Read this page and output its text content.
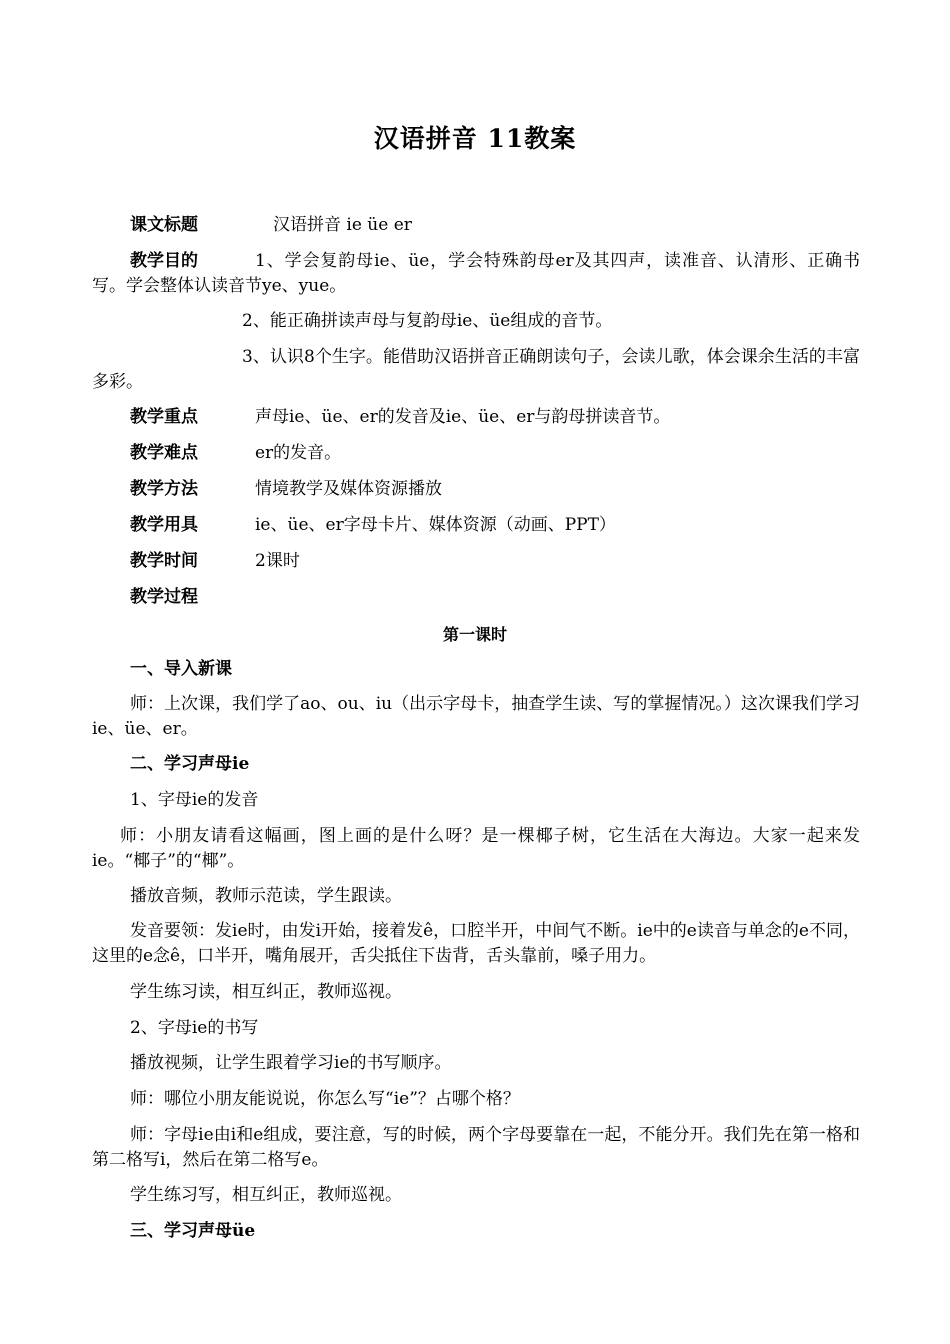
汉语拼音 11教案
课文标题	汉语拼音 ie üe er
教学目的	1、学会复韵母ie、üe，学会特殊韵母er及其四声，读准音、认清形、正确书写。学会整体认读音节ye、yue。
2、能正确拼读声母与复韵母ie、üe组成的音节。
3、认识8个生字。能借助汉语拼音正确朗读句子，会读儿歌，体会课余生活的丰富多彩。
教学重点	声母ie、üe、er的发音及ie、üe、er与韵母拼读音节。
教学难点	er的发音。
教学方法	情境教学及媒体资源播放
教学用具	ie、üe、er字母卡片、媒体资源（动画、PPT）
教学时间	2课时
教学过程
第一课时
一、导入新课
师：上次课，我们学了ao、ou、iu（出示字母卡，抽查学生读、写的掌握情况。）这次课我们学习ie、üe、er。
二、学习声母ie
1、字母ie的发音
师：小朋友请看这幅画，图上画的是什么呀？是一棵椰子树，它生活在大海边。大家一起来发ie。“椰子”的“椰”。
播放音频，教师示范读，学生跟读。
发音要领：发ie时，由发i开始，接着发ê，口腔半开，中间气不断。ie中的e读音与单念的e不同，这里的e念ê，口半开，嘴角展开，舌尖抵住下齿背，舌头靠前，嗓子用力。
学生练习读，相互纠正，教师巡视。
2、字母ie的书写
播放视频，让学生跟着学习ie的书写顺序。
师：哪位小朋友能说说，你怎么写“ie”？占哪个格？
师：字母ie由i和e组成，要注意，写的时候，两个字母要靠在一起，不能分开。我们先在第一格和第二格写i，然后在第二格写e。
学生练习写，相互纠正，教师巡视。
三、学习声母üe
